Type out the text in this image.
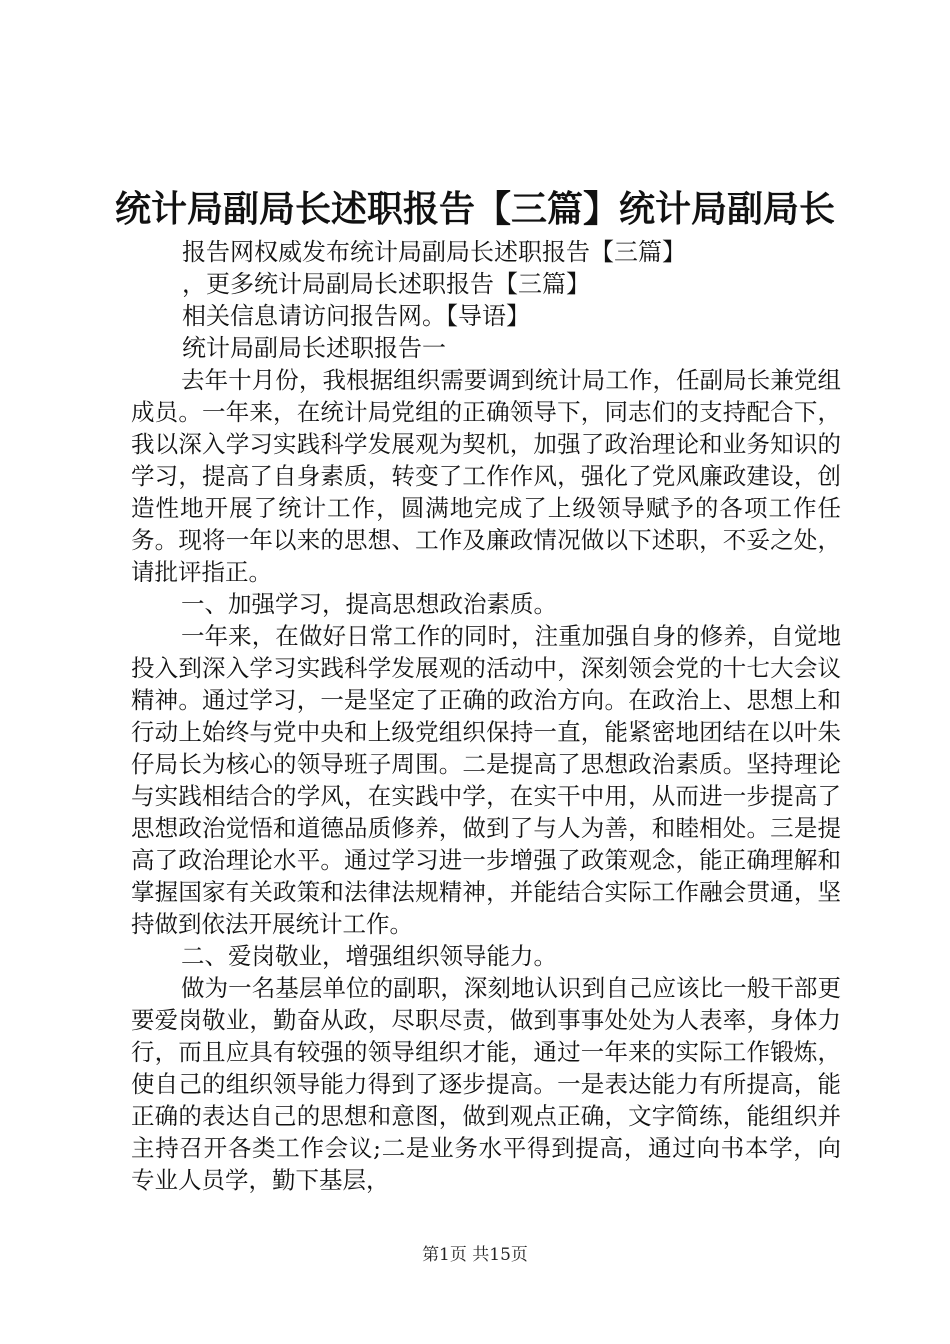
统计局副局长述职报告【三篇】统计局副局长

报告网权威发布统计局副局长述职报告【三篇】

，更多统计局副局长述职报告【三篇】

相关信息请访问报告网。【导语】

统计局副局长述职报告一

去年十月份，我根据组织需要调到统计局工作，任副局长兼党组成员。一年来，在统计局党组的正确领导下，同志们的支持配合下，我以深入学习实践科学发展观为契机，加强了政治理论和业务知识的学习，提高了自身素质，转变了工作作风，强化了党风廉政建设，创造性地开展了统计工作，圆满地完成了上级领导赋予的各项工作任务。现将一年以来的思想、工作及廉政情况做以下述职，不妥之处，请批评指正。

一、加强学习，提高思想政治素质。

一年来，在做好日常工作的同时，注重加强自身的修养，自觉地投入到深入学习实践科学发展观的活动中，深刻领会党的十七大会议精神。通过学习，一是坚定了正确的政治方向。在政治上、思想上和行动上始终与党中央和上级党组织保持一直，能紧密地团结在以叶朱仔局长为核心的领导班子周围。二是提高了思想政治素质。坚持理论与实践相结合的学风，在实践中学，在实干中用，从而进一步提高了思想政治觉悟和道德品质修养，做到了与人为善，和睦相处。三是提高了政治理论水平。通过学习进一步增强了政策观念，能正确理解和掌握国家有关政策和法律法规精神，并能结合实际工作融会贯通，坚持做到依法开展统计工作。

二、爱岗敬业，增强组织领导能力。

做为一名基层单位的副职，深刻地认识到自己应该比一般干部更要爱岗敬业，勤奋从政，尽职尽责，做到事事处处为人表率，身体力行，而且应具有较强的领导组织才能，通过一年来的实际工作锻炼，使自己的组织领导能力得到了逐步提高。一是表达能力有所提高，能正确的表达自己的思想和意图，做到观点正确，文字简练，能组织并主持召开各类工作会议;二是业务水平得到提高，通过向书本学，向专业人员学，勤下基层，

第1页 共15页
